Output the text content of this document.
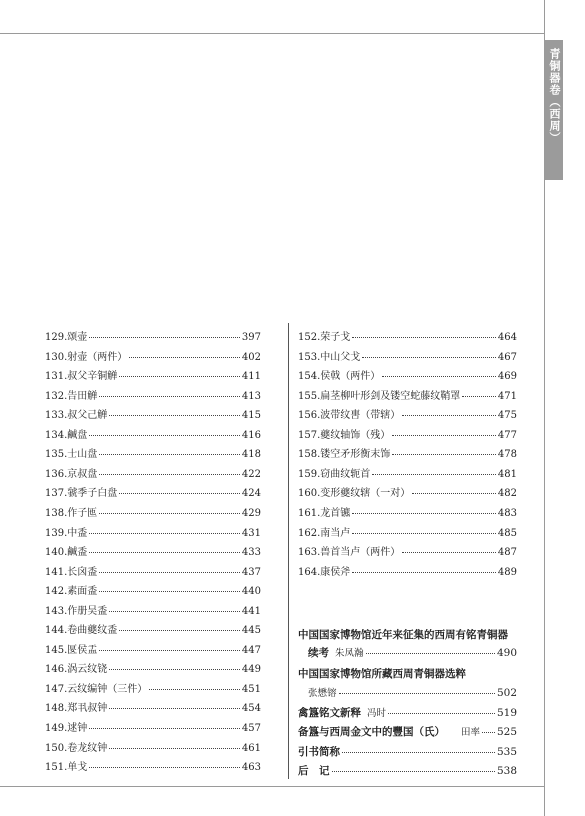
青铜器卷（西周）
129.颂壶	397
130.射壶（两件）	402
131.叔父辛铜觯	411
132.告田觯	413
133.叔父己觯	415
134.鹹盘	416
135.士山盘	418
136.京叔盘	422
137.虢季子白盘	424
138.作子匜	429
139.中盉	431
140.鹹盉	433
141.长囟盉	437
142.素面盉	440
143.作册吴盉	441
144.卷曲夔纹盉	445
145.匽侯盂	447
146.涡云纹铙	449
147.云纹编钟（三件）	451
148.郑丮叔钟	454
149.逑钟	457
150.卷龙纹钟	461
151.单戈	463
152.荣子戈	464
153.中山父戈	467
154.侯戟（两件）	469
155.扁茎柳叶形剑及镂空蛇藤纹鞘罩	471
156.波带纹軎（带辖）	475
157.夔纹轴饰（残）	477
158.镂空矛形衡末饰	478
159.窃曲纹轭首	481
160.变形夔纹辖（一对）	482
161.龙首镳	483
162.南当卢	485
163.兽首当卢（两件）	487
164.康侯斧	489
中国国家博物馆近年来征集的西周有铭青铜器
续考 朱凤瀚	490
中国国家博物馆所藏西周青铜器选粹
张懋镕	502
禽簋铭文新释 冯时	519
备簋与西周金文中的豐国（氏） 田率 525
引书简称	535
后　记	538
